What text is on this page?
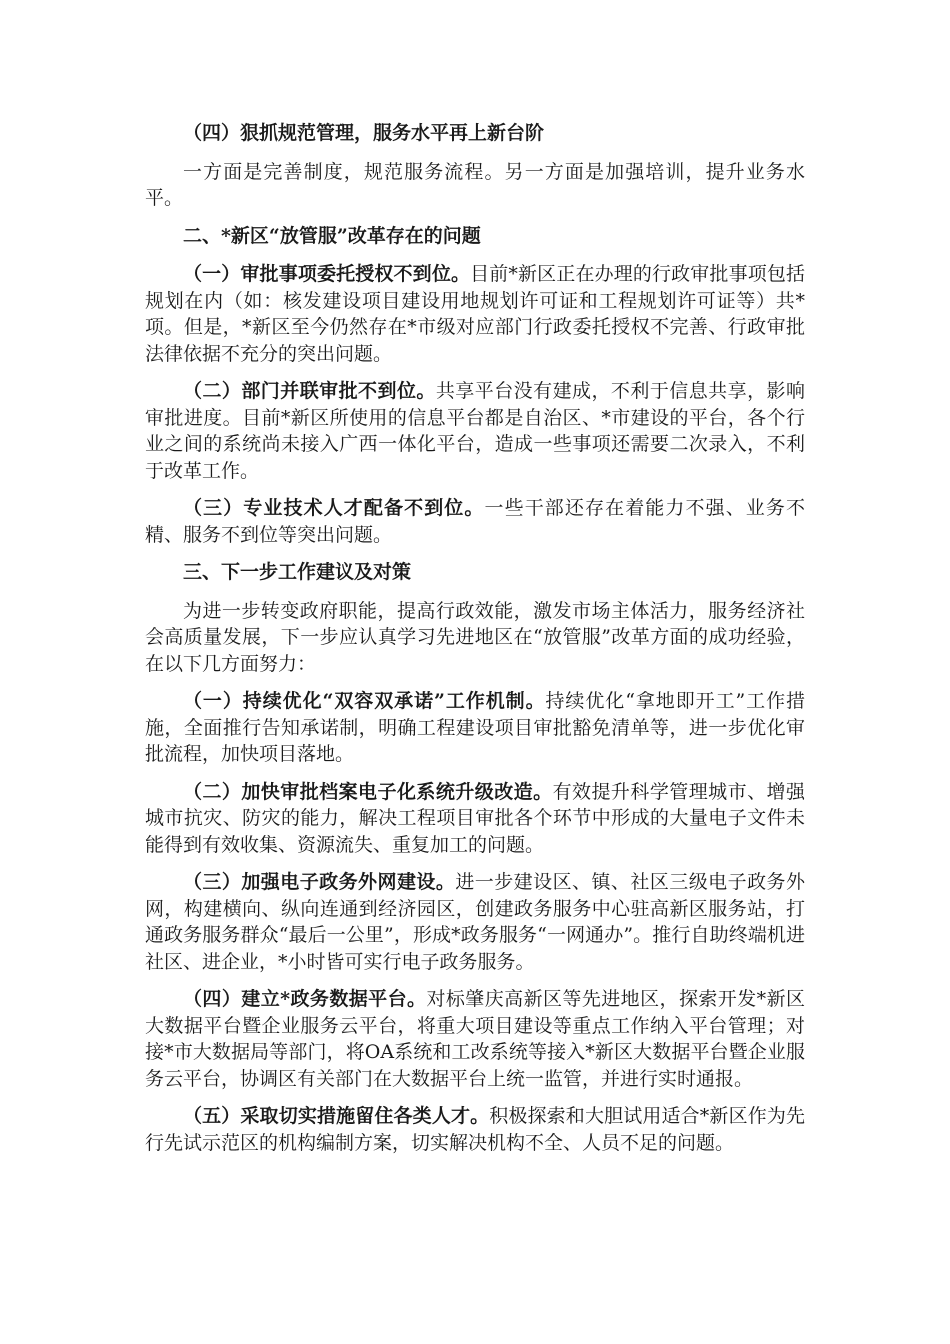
（四）狠抓规范管理，服务水平再上新台阶

一方面是完善制度，规范服务流程。另一方面是加强培训，提升业务水平。

二、*新区“放管服”改革存在的问题

（一）审批事项委托授权不到位。目前*新区正在办理的行政审批事项包括规划在内（如：核发建设项目建设用地规划许可证和工程规划许可证等）共*项。但是，*新区至今仍然存在*市级对应部门行政委托授权不完善、行政审批法律依据不充分的突出问题。

（二）部门并联审批不到位。共享平台没有建成，不利于信息共享，影响审批进度。目前*新区所使用的信息平台都是自治区、*市建设的平台，各个行业之间的系统尚未接入广西一体化平台，造成一些事项还需要二次录入，不利于改革工作。

（三）专业技术人才配备不到位。一些干部还存在着能力不强、业务不精、服务不到位等突出问题。

三、下一步工作建议及对策

为进一步转变政府职能，提高行政效能，激发市场主体活力，服务经济社会高质量发展，下一步应认真学习先进地区在“放管服”改革方面的成功经验，在以下几方面努力：

（一）持续优化“双容双承诺”工作机制。持续优化“拿地即开工”工作措施，全面推行告知承诺制，明确工程建设项目审批豁免清单等，进一步优化审批流程，加快项目落地。

（二）加快审批档案电子化系统升级改造。有效提升科学管理城市、增强城市抗灾、防灾的能力，解决工程项目审批各个环节中形成的大量电子文件未能得到有效收集、资源流失、重复加工的问题。

（三）加强电子政务外网建设。进一步建设区、镇、社区三级电子政务外网，构建横向、纵向连通到经济园区，创建政务服务中心驻高新区服务站，打通政务服务群众“最后一公里”，形成*政务服务“一网通办”。推行自助终端机进社区、进企业，*小时皆可实行电子政务服务。

（四）建立*政务数据平台。对标肇庆高新区等先进地区，探索开发*新区大数据平台暨企业服务云平台，将重大项目建设等重点工作纳入平台管理；对接*市大数据局等部门，将OA系统和工改系统等接入*新区大数据平台暨企业服务云平台，协调区有关部门在大数据平台上统一监管，并进行实时通报。

（五）采取切实措施留住各类人才。积极探索和大胆试用适合*新区作为先行先试示范区的机构编制方案，切实解决机构不全、人员不足的问题。
